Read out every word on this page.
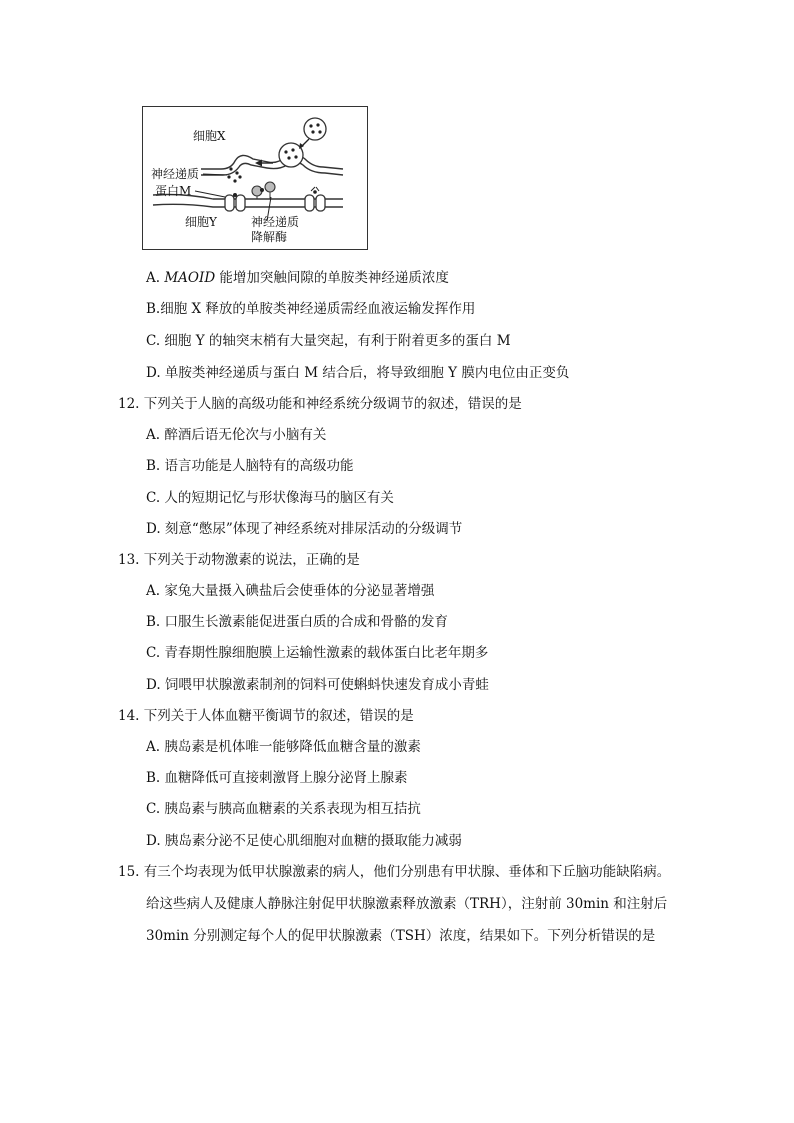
细胞X
神经递质
蛋白M
细胞Y	神经递质
降解酶
A. MAOID 能增加突触间隙的单胺类神经递质浓度
B.细胞 X 释放的单胺类神经递质需经血液运输发挥作用
C. 细胞 Y 的轴突末梢有大量突起，有利于附着更多的蛋白 M
D. 单胺类神经递质与蛋白 M 结合后，将导致细胞 Y 膜内电位由正变负
12. 下列关于人脑的高级功能和神经系统分级调节的叙述，错误的是
A. 醉酒后语无伦次与小脑有关
B. 语言功能是人脑特有的高级功能
C. 人的短期记忆与形状像海马的脑区有关
D. 刻意“憋尿”体现了神经系统对排尿活动的分级调节
13. 下列关于动物激素的说法，正确的是
A. 家兔大量摄入碘盐后会使垂体的分泌显著增强
B. 口服生长激素能促进蛋白质的合成和骨骼的发育
C. 青春期性腺细胞膜上运输性激素的载体蛋白比老年期多
D. 饲喂甲状腺激素制剂的饲料可使蝌蚪快速发育成小青蛙
14. 下列关于人体血糖平衡调节的叙述，错误的是
A. 胰岛素是机体唯一能够降低血糖含量的激素
B. 血糖降低可直接刺激肾上腺分泌肾上腺素
C. 胰岛素与胰高血糖素的关系表现为相互拮抗
D. 胰岛素分泌不足使心肌细胞对血糖的摄取能力减弱
15. 有三个均表现为低甲状腺激素的病人，他们分别患有甲状腺、垂体和下丘脑功能缺陷病。
给这些病人及健康人静脉注射促甲状腺激素释放激素（TRH），注射前 30min 和注射后
30min 分别测定每个人的促甲状腺激素（TSH）浓度，结果如下。下列分析错误的是
